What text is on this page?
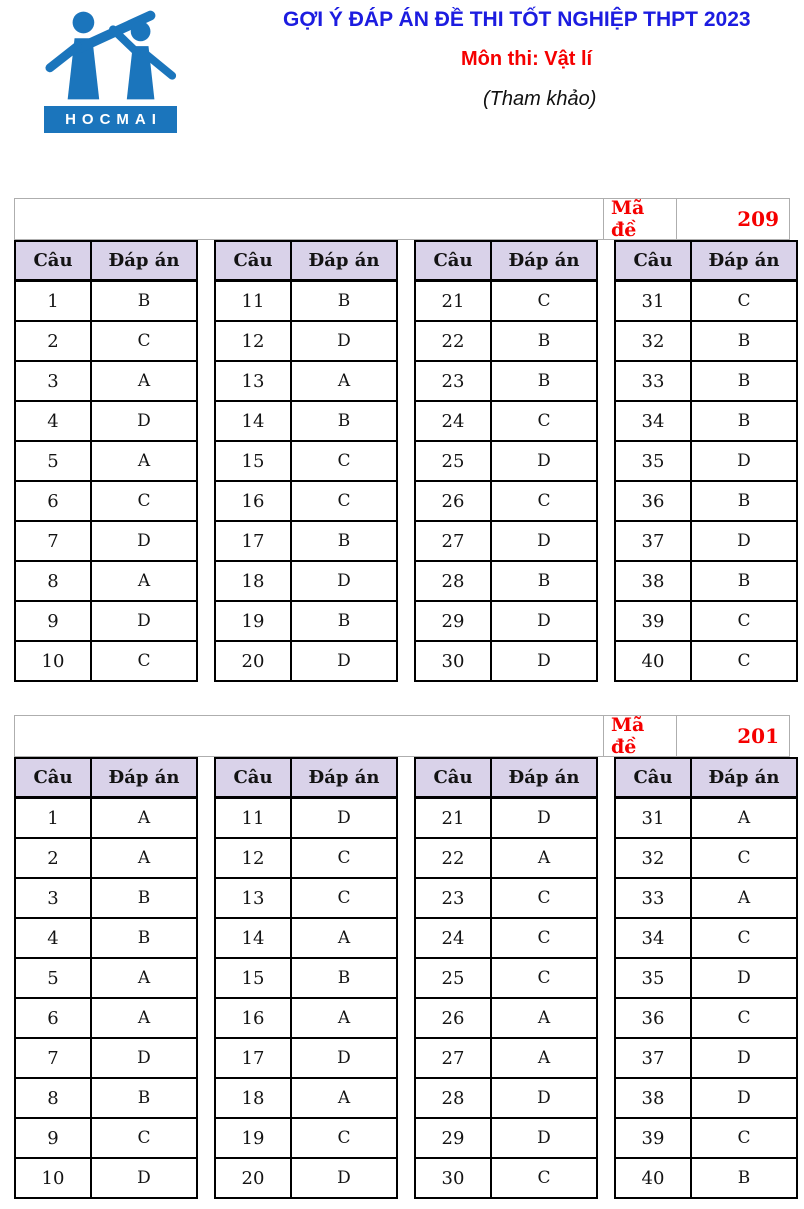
HOCMAI
GỢI Ý ĐÁP ÁN ĐỀ THI TỐT NGHIỆP THPT 2023
Môn thi: Vật lí
(Tham khảo)
Mã đề	209
Câu	Đáp án
1	B
2	C
3	A
4	D
5	A
6	C
7	D
8	A
9	D
10	C
Câu	Đáp án
11	B
12	D
13	A
14	B
15	C
16	C
17	B
18	D
19	B
20	D
Câu	Đáp án
21	C
22	B
23	B
24	C
25	D
26	C
27	D
28	B
29	D
30	D
Câu	Đáp án
31	C
32	B
33	B
34	B
35	D
36	B
37	D
38	B
39	C
40	C
Mã đề	201
Câu	Đáp án
1	A
2	A
3	B
4	B
5	A
6	A
7	D
8	B
9	C
10	D
Câu	Đáp án
11	D
12	C
13	C
14	A
15	B
16	A
17	D
18	A
19	C
20	D
Câu	Đáp án
21	D
22	A
23	C
24	C
25	C
26	A
27	A
28	D
29	D
30	C
Câu	Đáp án
31	A
32	C
33	A
34	C
35	D
36	C
37	D
38	D
39	C
40	B
